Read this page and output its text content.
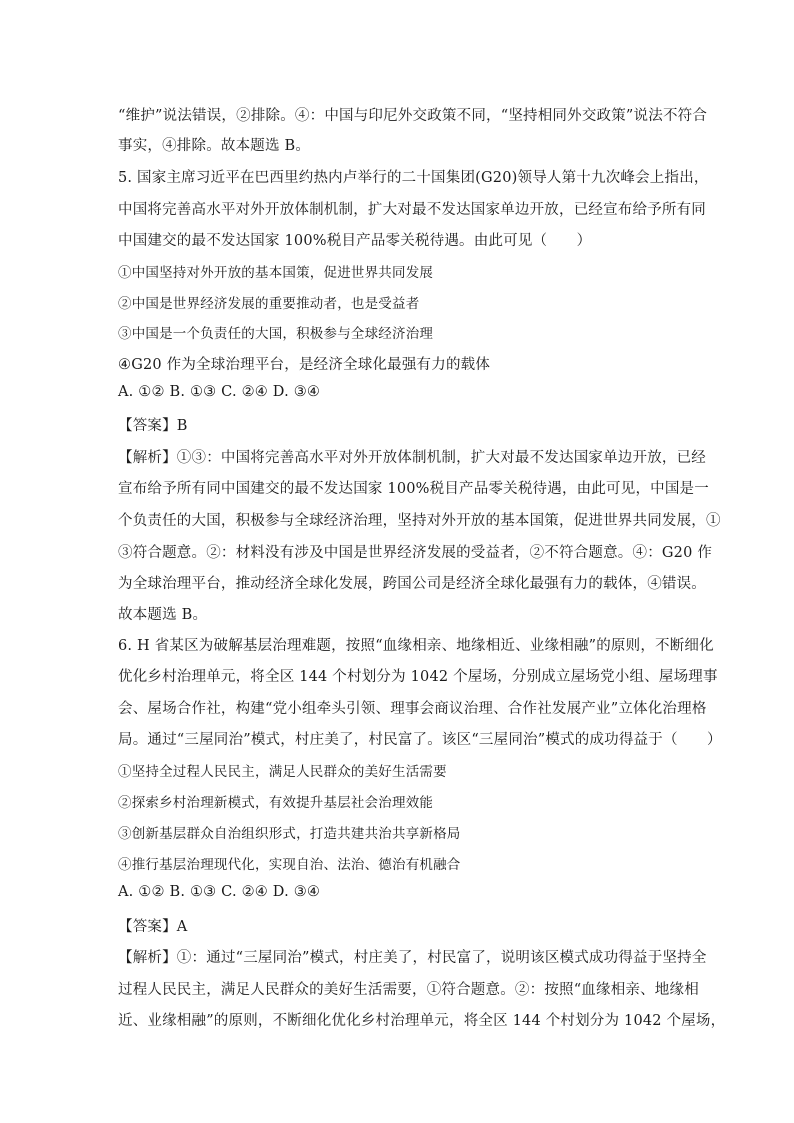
“维护”说法错误，②排除。④：中国与印尼外交政策不同，“坚持相同外交政策”说法不符合
事实，④排除。故本题选 B。
5. 国家主席习近平在巴西里约热内卢举行的二十国集团(G20)领导人第十九次峰会上指出，
中国将完善高水平对外开放体制机制，扩大对最不发达国家单边开放，已经宣布给予所有同
中国建交的最不发达国家 100%税目产品零关税待遇。由此可见（　　）
①中国坚持对外开放的基本国策，促进世界共同发展
②中国是世界经济发展的重要推动者，也是受益者
③中国是一个负责任的大国，积极参与全球经济治理
④G20 作为全球治理平台，是经济全球化最强有力的载体
A. ①② B. ①③ C. ②④ D. ③④
【答案】B
【解析】①③：中国将完善高水平对外开放体制机制，扩大对最不发达国家单边开放，已经
宣布给予所有同中国建交的最不发达国家 100%税目产品零关税待遇，由此可见，中国是一
个负责任的大国，积极参与全球经济治理，坚持对外开放的基本国策，促进世界共同发展，①
③符合题意。②：材料没有涉及中国是世界经济发展的受益者，②不符合题意。④：G20 作
为全球治理平台，推动经济全球化发展，跨国公司是经济全球化最强有力的载体，④错误。
故本题选 B。
6. H 省某区为破解基层治理难题，按照“血缘相亲、地缘相近、业缘相融”的原则，不断细化
优化乡村治理单元，将全区 144 个村划分为 1042 个屋场，分别成立屋场党小组、屋场理事
会、屋场合作社，构建“党小组牵头引领、理事会商议治理、合作社发展产业”立体化治理格
局。通过“三屋同治”模式，村庄美了，村民富了。该区“三屋同治”模式的成功得益于（　　）
①坚持全过程人民民主，满足人民群众的美好生活需要
②探索乡村治理新模式，有效提升基层社会治理效能
③创新基层群众自治组织形式，打造共建共治共享新格局
④推行基层治理现代化，实现自治、法治、德治有机融合
A. ①② B. ①③ C. ②④ D. ③④
【答案】A
【解析】①：通过“三屋同治”模式，村庄美了，村民富了，说明该区模式成功得益于坚持全
过程人民民主，满足人民群众的美好生活需要，①符合题意。②：按照“血缘相亲、地缘相
近、业缘相融”的原则，不断细化优化乡村治理单元，将全区 144 个村划分为 1042 个屋场，
